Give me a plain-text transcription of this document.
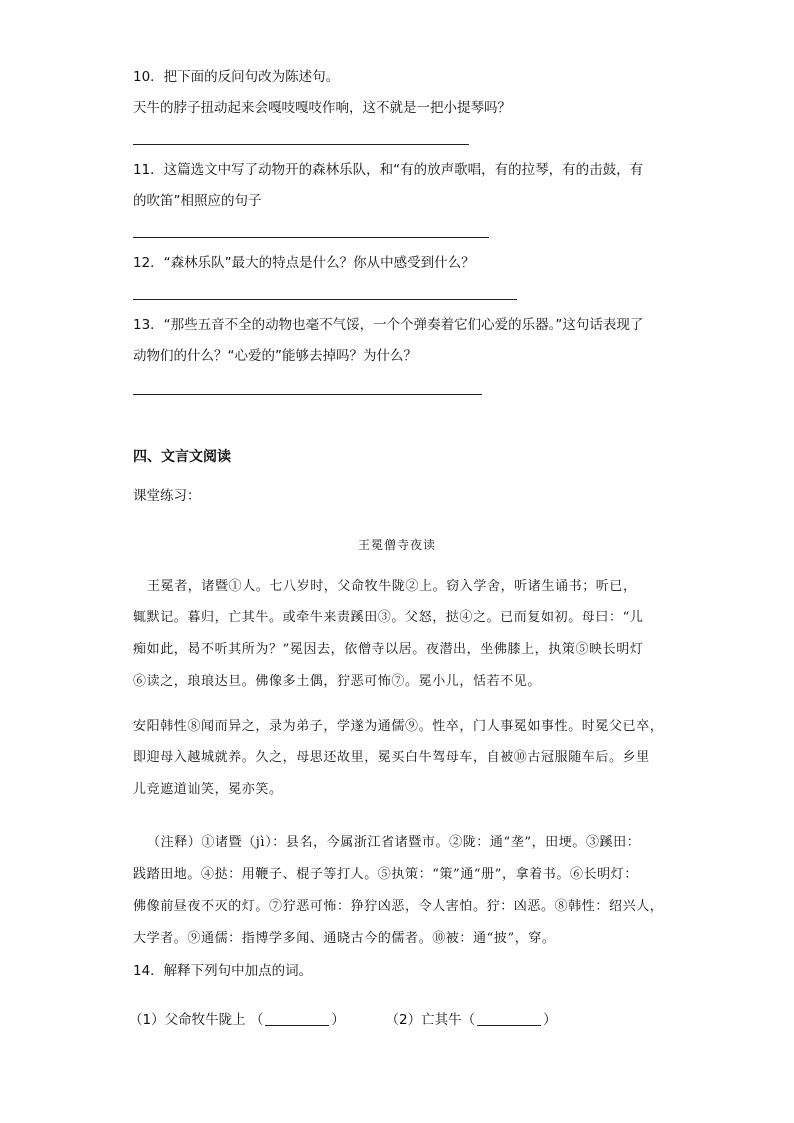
10．把下面的反问句改为陈述句。
天牛的脖子扭动起来会嘎吱嘎吱作响，这不就是一把小提琴吗？
11．这篇选文中写了动物开的森林乐队，和“有的放声歌唱，有的拉琴，有的击鼓，有
的吹笛”相照应的句子
12．“森林乐队”最大的特点是什么？你从中感受到什么？
13．“那些五音不全的动物也毫不气馁，一个个弹奏着它们心爱的乐器。”这句话表现了
动物们的什么？“心爱的”能够去掉吗？为什么？
四、文言文阅读
课堂练习：
王冕僧寺夜读
王冕者，诸暨①人。七八岁时，父命牧牛陇②上。窃入学舍，听诸生诵书；听已，
辄默记。暮归，亡其牛。或牵牛来责蹊田③。父怒，挞④之。已而复如初。母曰：“儿
痴如此，曷不听其所为？”冕因去，依僧寺以居。夜潜出，坐佛膝上，执策⑤映长明灯
⑥读之，琅琅达旦。佛像多土偶，狞恶可怖⑦。冕小儿，恬若不见。
安阳韩性⑧闻而异之，录为弟子，学遂为通儒⑨。性卒，门人事冕如事性。时冕父已卒，
即迎母入越城就养。久之，母思还故里，冕买白牛驾母车，自被⑩古冠服随车后。乡里
儿竞遮道讪笑，冕亦笑。
（注释）①诸暨（jì）：县名，今属浙江省诸暨市。②陇：通“垄”，田埂。③蹊田：
践踏田地。④挞：用鞭子、棍子等打人。⑤执策：“策”通“册”，拿着书。⑥长明灯：
佛像前昼夜不灭的灯。⑦狞恶可怖：狰狞凶恶，令人害怕。狞：凶恶。⑧韩性：绍兴人，
大学者。⑨通儒：指博学多闻、通晓古今的儒者。⑩被：通“披”，穿。
14．解释下列句中加点的词。
（1）父命牧牛陇上 （	）	（2）亡其牛（	）
